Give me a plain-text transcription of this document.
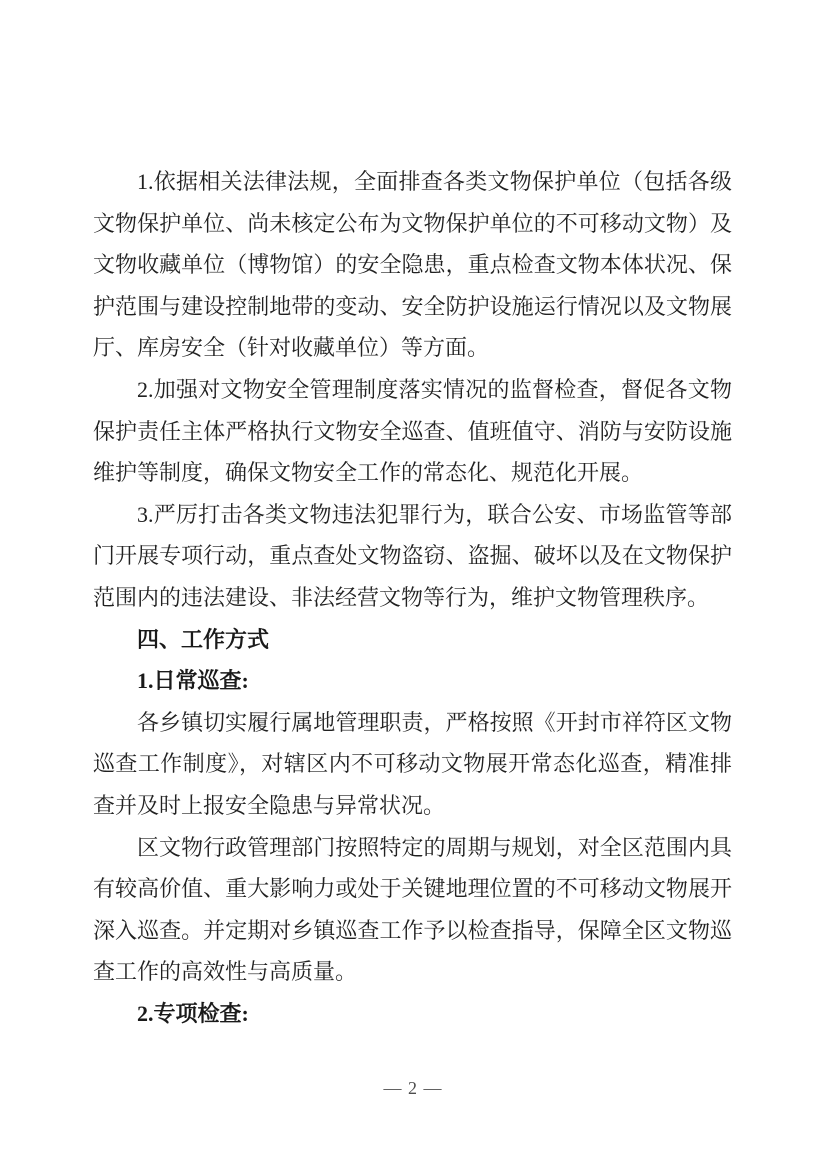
1.依据相关法律法规，全面排查各类文物保护单位（包括各级文物保护单位、尚未核定公布为文物保护单位的不可移动文物）及文物收藏单位（博物馆）的安全隐患，重点检查文物本体状况、保护范围与建设控制地带的变动、安全防护设施运行情况以及文物展厅、库房安全（针对收藏单位）等方面。

2.加强对文物安全管理制度落实情况的监督检查，督促各文物保护责任主体严格执行文物安全巡查、值班值守、消防与安防设施维护等制度，确保文物安全工作的常态化、规范化开展。

3.严厉打击各类文物违法犯罪行为，联合公安、市场监管等部门开展专项行动，重点查处文物盗窃、盗掘、破坏以及在文物保护范围内的违法建设、非法经营文物等行为，维护文物管理秩序。

四、工作方式
1.日常巡查:

各乡镇切实履行属地管理职责，严格按照《开封市祥符区文物巡查工作制度》，对辖区内不可移动文物展开常态化巡查，精准排查并及时上报安全隐患与异常状况。

区文物行政管理部门按照特定的周期与规划，对全区范围内具有较高价值、重大影响力或处于关键地理位置的不可移动文物展开深入巡查。并定期对乡镇巡查工作予以检查指导，保障全区文物巡查工作的高效性与高质量。

2.专项检查:
— 2 —
